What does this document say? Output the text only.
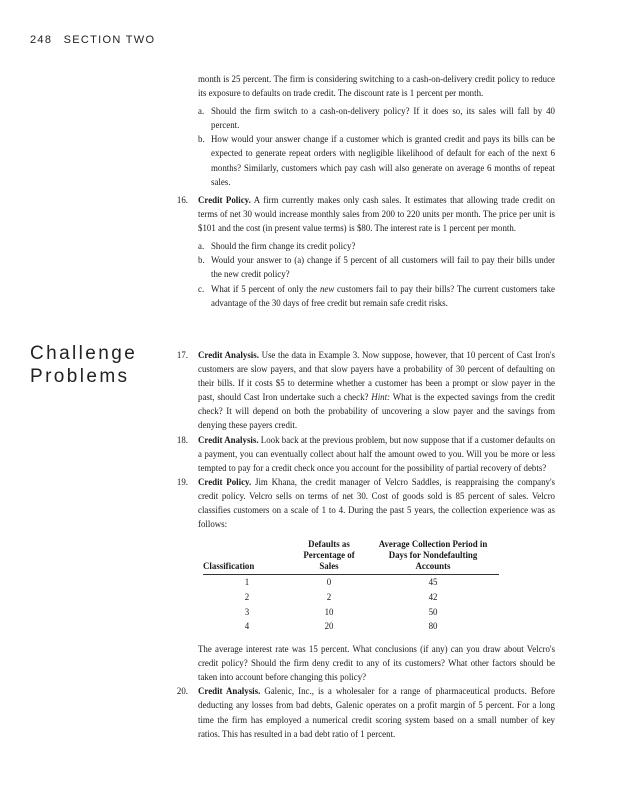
248 SECTION TWO

month is 25 percent. The firm is considering switching to a cash-on-delivery credit policy to reduce its exposure to defaults on trade credit. The discount rate is 1 percent per month.

a. Should the firm switch to a cash-on-delivery policy? If it does so, its sales will fall by 40 percent.
b. How would your answer change if a customer which is granted credit and pays its bills can be expected to generate repeat orders with negligible likelihood of default for each of the next 6 months? Similarly, customers which pay cash will also generate on average 6 months of repeat sales.
16. Credit Policy. A firm currently makes only cash sales. It estimates that allowing trade credit on terms of net 30 would increase monthly sales from 200 to 220 units per month. The price per unit is $101 and the cost (in present value terms) is $80. The interest rate is 1 percent per month.

a. Should the firm change its credit policy?
b. Would your answer to (a) change if 5 percent of all customers will fail to pay their bills under the new credit policy?
c. What if 5 percent of only the new customers fail to pay their bills? The current customers take advantage of the 30 days of free credit but remain safe credit risks.
Challenge
Problems
17. Credit Analysis. Use the data in Example 3. Now suppose, however, that 10 percent of Cast Iron's customers are slow payers, and that slow payers have a probability of 30 percent of defaulting on their bills. If it costs $5 to determine whether a customer has been a prompt or slow payer in the past, should Cast Iron undertake such a check? Hint: What is the expected savings from the credit check? It will depend on both the probability of uncovering a slow payer and the savings from denying these payers credit.

18. Credit Analysis. Look back at the previous problem, but now suppose that if a customer defaults on a payment, you can eventually collect about half the amount owed to you. Will you be more or less tempted to pay for a credit check once you account for the possibility of partial recovery of debts?

19. Credit Policy. Jim Khana, the credit manager of Velcro Saddles, is reappraising the company's credit policy. Velcro sells on terms of net 30. Cost of goods sold is 85 percent of sales. Velcro classifies customers on a scale of 1 to 4. During the past 5 years, the collection experience was as follows:

Classification	Defaults as Percentage of Sales	Average Collection Period in Days for Nondefaulting Accounts
1	0	45
2	2	42
3	10	50
4	20	80

The average interest rate was 15 percent. What conclusions (if any) can you draw about Velcro's credit policy? Should the firm deny credit to any of its customers? What other factors should be taken into account before changing this policy?

20. Credit Analysis. Galenic, Inc., is a wholesaler for a range of pharmaceutical products. Before deducting any losses from bad debts, Galenic operates on a profit margin of 5 percent. For a long time the firm has employed a numerical credit scoring system based on a small number of key ratios. This has resulted in a bad debt ratio of 1 percent.
